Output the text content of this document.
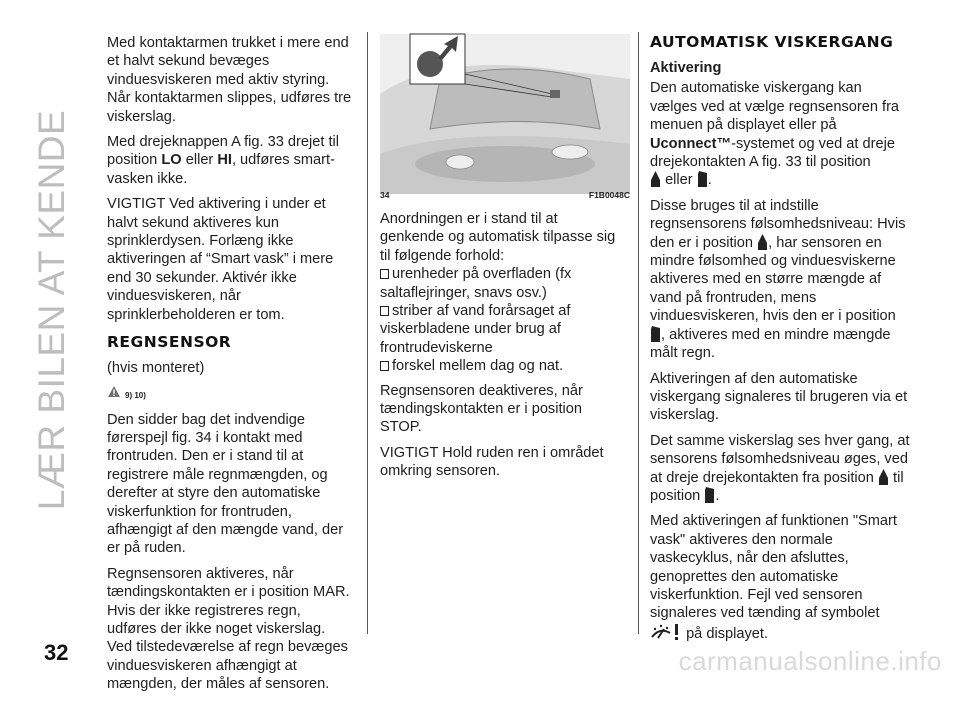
LÆR BILEN AT KENDE

Med kontaktarmen trukket i mere end et halvt sekund bevæges vinduesviskeren med aktiv styring. Når kontaktarmen slippes, udføres tre viskerslag.

Med drejeknappen A fig. 33 drejet til position LO eller HI, udføres smart-vasken ikke.

VIGTIGT Ved aktivering i under et halvt sekund aktiveres kun sprinklerdysen. Forlæng ikke aktiveringen af “Smart vask” i mere end 30 sekunder. Aktivér ikke vinduesviskeren, når sprinklerbeholderen er tom.

REGNSENSOR

(hvis monteret)

9) 10)

Den sidder bag det indvendige førerspejl fig. 34 i kontakt med frontruden. Den er i stand til at registrere måle regnmængden, og derefter at styre den automatiske viskerfunktion for frontruden, afhængigt af den mængde vand, der er på ruden.

Regnsensoren aktiveres, når tændingskontakten er i position MAR. Hvis der ikke registreres regn, udføres der ikke noget viskerslag. Ved tilstedeværelse af regn bevæges vinduesviskeren afhængigt at mængden, der måles af sensoren.

34	F1B0048C

Anordningen er i stand til at genkende og automatisk tilpasse sig til følgende forhold:

urenheder på overfladen (fx saltaflejringer, snavs osv.)
striber af vand forårsaget af viskerbladene under brug af frontrudeviskerne
forskel mellem dag og nat.

Regnsensoren deaktiveres, når tændingskontakten er i position STOP.

VIGTIGT Hold ruden ren i området omkring sensoren.

AUTOMATISK VISKERGANG
Aktivering

Den automatiske viskergang kan vælges ved at vælge regnsensoren fra menuen på displayet eller på Uconnect™-systemet og ved at dreje drejekontakten A fig. 33 til position

eller .

Disse bruges til at indstille regnsensorens følsomhedsniveau: Hvis den er i position , har sensoren en mindre følsomhed og vinduesviskerne aktiveres med en større mængde af vand på frontruden, mens vinduesviskeren, hvis den er i position , aktiveres med en mindre mængde målt regn.

Aktiveringen af den automatiske viskergang signaleres til brugeren via et viskerslag.

Det samme viskerslag ses hver gang, at sensorens følsomhedsniveau øges, ved at dreje drejekontakten fra position til position .

Med aktiveringen af funktionen "Smart vask" aktiveres den normale vaskecyklus, når den afsluttes, genoprettes den automatiske viskerfunktion. Fejl ved sensoren signaleres ved tænding af symbolet
på displayet.

32	carmanualsonline.info
